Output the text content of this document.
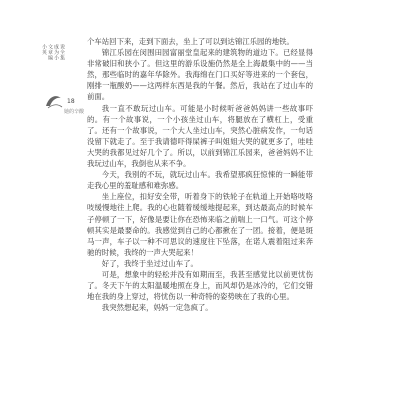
小英
文章编
成为小
说全集
18
她的辛酸

个车站回下来，走到下面去，坐上了可以到达锦江乐园的地铁。

锦江乐园在闵围田园富丽堂皇起来的建筑物的道边下。已经显得非常破旧和狭小了。但这里的游乐设施仍然是全上海最集中的——当然，那些临时的嘉年华除外。我海绵在门口买好等进来的一个套包，刚排一瓶酸奶——这两样东西是我的午餐。然后，我站在了过山车的前面。

我一直不敢玩过山车。可能是小时候听爸爸妈妈讲一些故事吓的。有一个故事说，一个小孩坐过山车，将腿放在了横杠上，受重了。还有一个故事说，一个大人坐过山车，突然心脏病发作，一句话没留下就走了。至于我请德吓得屎裤子叫姐姐大哭的就更多了，哇哇大哭的我都见过好几个了。所以，以前到锦江乐园来，爸爸妈妈不让我玩过山车，我倒也从来不争。

今天，我别的不玩，就玩过山车。我希望那疯狂惊悚的一瞬能带走我心里的羞耻感和难弥感。

坐上座位，扣好安全带，听着身下的铁轮子在轨道上开始咯吱咯吱缓慢地往上爬。我的心也随着缓缓地提起来，到达最高点的时候车子停顿了一下，好像是要让你在恐怖来临之前喘上一口气。可这个停顿其实是最要命的。我感觉到自己的心都揪在了一团。接着，便是斑马一声，车子以一种不可思议的速度往下坠落，在诺人震着阻过来奔驰的时候，我终的一声大哭起来！

好了，我终于坐过过山车了。

可是，想象中的轻松并没有如期而至，我甚至感觉比以前更忧伤了。冬天下午的太阳温暖地照在身上，而风却仍是冰冷的，它们交错地在我的身上穿过，将忧伤以一种奇特的姿势映在了我的心里。

我突然想起来，妈妈一定急疯了。
